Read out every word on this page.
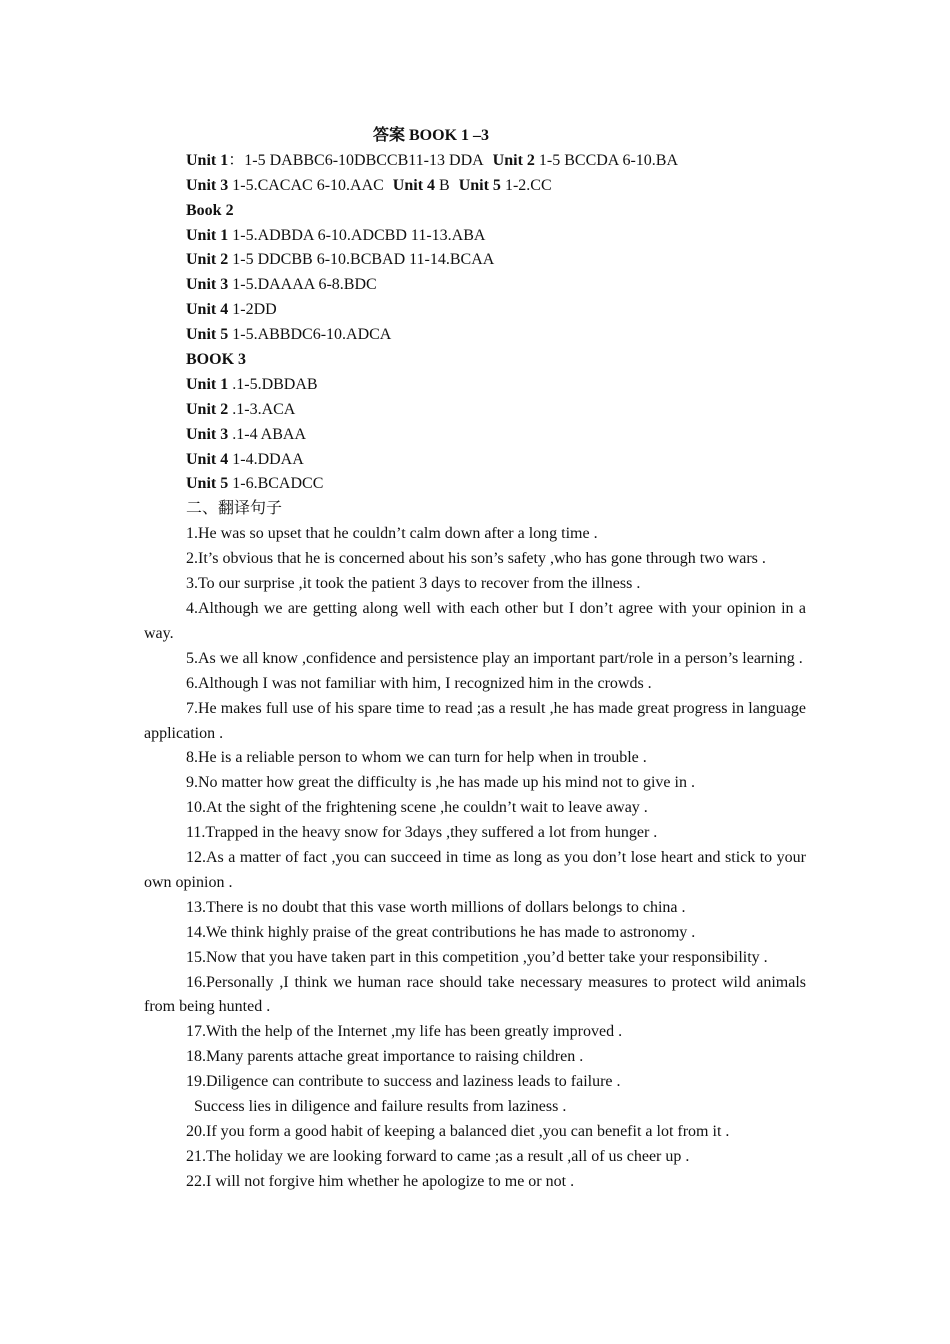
答案 BOOK 1 –3
Unit 1：1-5 DABBC6-10DBCCB11-13 DDA Unit 2 1-5 BCCDA 6-10.BA
Unit 3 1-5.CACAC 6-10.AAC Unit 4 B Unit 5 1-2.CC
Book 2
Unit 1 1-5.ADBDA 6-10.ADCBD 11-13.ABA
Unit 2 1-5 DDCBB 6-10.BCBAD 11-14.BCAA
Unit 3 1-5.DAAAA 6-8.BDC
Unit 4 1-2DD
Unit 5 1-5.ABBDC6-10.ADCA
BOOK 3
Unit 1 .1-5.DBDAB
Unit 2 .1-3.ACA
Unit 3 .1-4 ABAA
Unit 4 1-4.DDAA
Unit 5 1-6.BCADCC
二、翻译句子

1.He was so upset that he couldn’t calm down after a long time .

2.It’s obvious that he is concerned about his son’s safety ,who has gone through two wars .

3.To our surprise ,it took the patient 3 days to recover from the illness .

4.Although we are getting along well with each other but I don’t agree with your opinion in a way.

5.As we all know ,confidence and persistence play an important part/role in a person’s learning .

6.Although I was not familiar with him, I recognized him in the crowds .

7.He makes full use of his spare time to read ;as a result ,he has made great progress in language application .

8.He is a reliable person to whom we can turn for help when in trouble .

9.No matter how great the difficulty is ,he has made up his mind not to give in .

10.At the sight of the frightening scene ,he couldn’t wait to leave away .

11.Trapped in the heavy snow for 3days ,they suffered a lot from hunger .

12.As a matter of fact ,you can succeed in time as long as you don’t lose heart and stick to your own opinion .

13.There is no doubt that this vase worth millions of dollars belongs to china .

14.We think highly praise of the great contributions he has made to astronomy .

15.Now that you have taken part in this competition ,you’d better take your responsibility .

16.Personally ,I think we human race should take necessary measures to protect wild animals from being hunted .

17.With the help of the Internet ,my life has been greatly improved .

18.Many parents attache great importance to raising children .

19.Diligence can contribute to success and laziness leads to failure .

Success lies in diligence and failure results from laziness .

20.If you form a good habit of keeping a balanced diet ,you can benefit a lot from it .

21.The holiday we are looking forward to came ;as a result ,all of us cheer up .

22.I will not forgive him whether he apologize to me or not .
